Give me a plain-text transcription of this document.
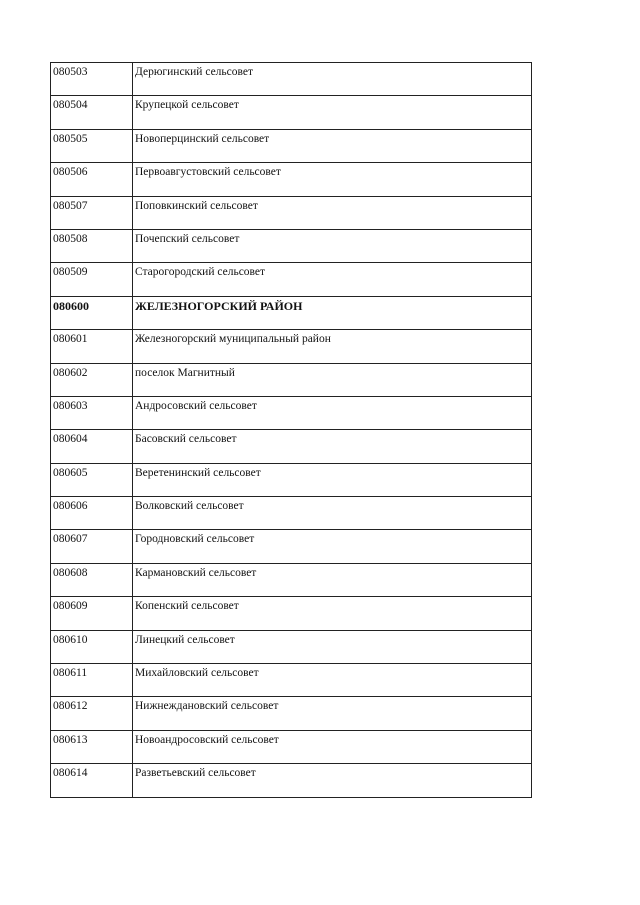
080503	Дерюгинский сельсовет
080504	Крупецкой сельсовет
080505	Новоперцинский сельсовет
080506	Первоавгустовский сельсовет
080507	Поповкинский сельсовет
080508	Почепский сельсовет
080509	Старогородский сельсовет
080600	ЖЕЛЕЗНОГОРСКИЙ РАЙОН
080601	Железногорский муниципальный район
080602	поселок Магнитный
080603	Андросовский сельсовет
080604	Басовский сельсовет
080605	Веретенинский сельсовет
080606	Волковский сельсовет
080607	Городновский сельсовет
080608	Кармановский сельсовет
080609	Копенский сельсовет
080610	Линецкий сельсовет
080611	Михайловский сельсовет
080612	Нижнеждановский сельсовет
080613	Новоандросовский сельсовет
080614	Разветьевский сельсовет
